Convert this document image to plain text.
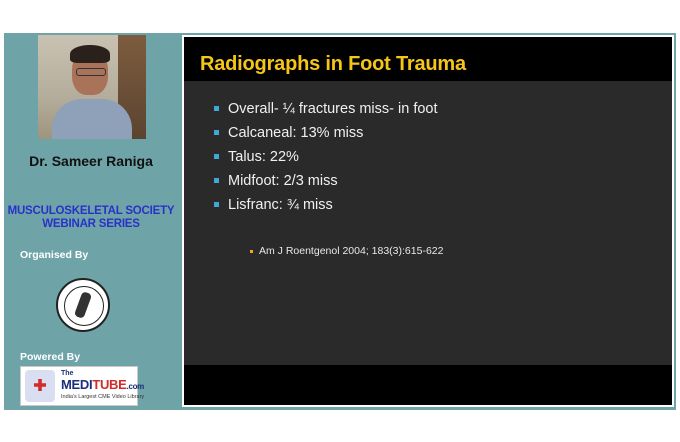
Dr. Sameer Raniga
MUSCULOSKELETAL SOCIETY
WEBINAR SERIES
Organised By
Powered By
The
MEDITUBE.com
India's Largest CME Video Library
Radiographs in Foot Trauma
Overall- ¼ fractures miss- in foot
Calcaneal: 13% miss
Talus: 22%
Midfoot: 2/3 miss
Lisfranc: ¾ miss
Am J Roentgenol 2004; 183(3):615-622
